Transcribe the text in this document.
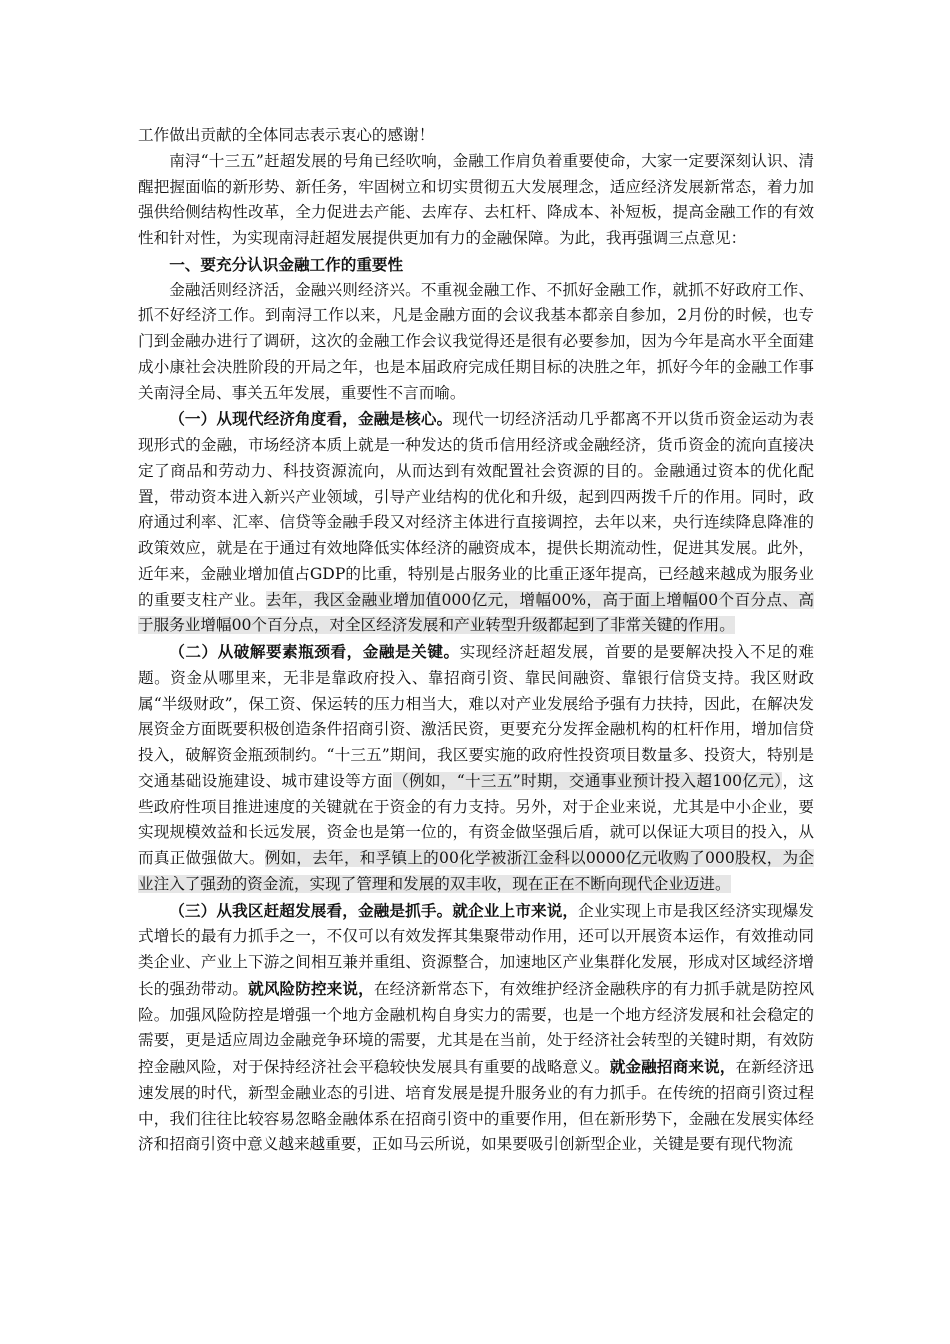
工作做出贡献的全体同志表示衷心的感谢！

南浔“十三五”赶超发展的号角已经吹响，金融工作肩负着重要使命，大家一定要深刻认识、清醒把握面临的新形势、新任务，牢固树立和切实贯彻五大发展理念，适应经济发展新常态，着力加强供给侧结构性改革，全力促进去产能、去库存、去杠杆、降成本、补短板，提高金融工作的有效性和针对性，为实现南浔赶超发展提供更加有力的金融保障。为此，我再强调三点意见：

一、要充分认识金融工作的重要性

金融活则经济活，金融兴则经济兴。不重视金融工作、不抓好金融工作，就抓不好政府工作、抓不好经济工作。到南浔工作以来，凡是金融方面的会议我基本都亲自参加，2月份的时候，也专门到金融办进行了调研，这次的金融工作会议我觉得还是很有必要参加，因为今年是高水平全面建成小康社会决胜阶段的开局之年，也是本届政府完成任期目标的决胜之年，抓好今年的金融工作事关南浔全局、事关五年发展，重要性不言而喻。

（一）从现代经济角度看，金融是核心。现代一切经济活动几乎都离不开以货币资金运动为表现形式的金融，市场经济本质上就是一种发达的货币信用经济或金融经济，货币资金的流向直接决定了商品和劳动力、科技资源流向，从而达到有效配置社会资源的目的。金融通过资本的优化配置，带动资本进入新兴产业领域，引导产业结构的优化和升级，起到四两拨千斤的作用。同时，政府通过利率、汇率、信贷等金融手段又对经济主体进行直接调控，去年以来，央行连续降息降准的政策效应，就是在于通过有效地降低实体经济的融资成本，提供长期流动性，促进其发展。此外，近年来，金融业增加值占GDP的比重，特别是占服务业的比重正逐年提高，已经越来越成为服务业的重要支柱产业。去年，我区金融业增加值000亿元，增幅00%，高于面上增幅00个百分点、高于服务业增幅00个百分点，对全区经济发展和产业转型升级都起到了非常关键的作用。

（二）从破解要素瓶颈看，金融是关键。实现经济赶超发展，首要的是要解决投入不足的难题。资金从哪里来，无非是靠政府投入、靠招商引资、靠民间融资、靠银行信贷支持。我区财政属“半级财政”，保工资、保运转的压力相当大，难以对产业发展给予强有力扶持，因此，在解决发展资金方面既要积极创造条件招商引资、激活民资，更要充分发挥金融机构的杠杆作用，增加信贷投入，破解资金瓶颈制约。“十三五”期间，我区要实施的政府性投资项目数量多、投资大，特别是交通基础设施建设、城市建设等方面（例如，“十三五”时期，交通事业预计投入超100亿元），这些政府性项目推进速度的关键就在于资金的有力支持。另外，对于企业来说，尤其是中小企业，要实现规模效益和长远发展，资金也是第一位的，有资金做坚强后盾，就可以保证大项目的投入，从而真正做强做大。例如，去年，和孚镇上的00化学被浙江金科以0000亿元收购了000股权，为企业注入了强劲的资金流，实现了管理和发展的双丰收，现在正在不断向现代企业迈进。

（三）从我区赶超发展看，金融是抓手。就企业上市来说，企业实现上市是我区经济实现爆发式增长的最有力抓手之一，不仅可以有效发挥其集聚带动作用，还可以开展资本运作，有效推动同类企业、产业上下游之间相互兼并重组、资源整合，加速地区产业集群化发展，形成对区域经济增长的强劲带动。就风险防控来说，在经济新常态下，有效维护经济金融秩序的有力抓手就是防控风险。加强风险防控是增强一个地方金融机构自身实力的需要，也是一个地方经济发展和社会稳定的需要，更是适应周边金融竞争环境的需要，尤其是在当前，处于经济社会转型的关键时期，有效防控金融风险，对于保持经济社会平稳较快发展具有重要的战略意义。就金融招商来说，在新经济迅速发展的时代，新型金融业态的引进、培育发展是提升服务业的有力抓手。在传统的招商引资过程中，我们往往比较容易忽略金融体系在招商引资中的重要作用，但在新形势下，金融在发展实体经济和招商引资中意义越来越重要，正如马云所说，如果要吸引创新型企业，关键是要有现代物流
